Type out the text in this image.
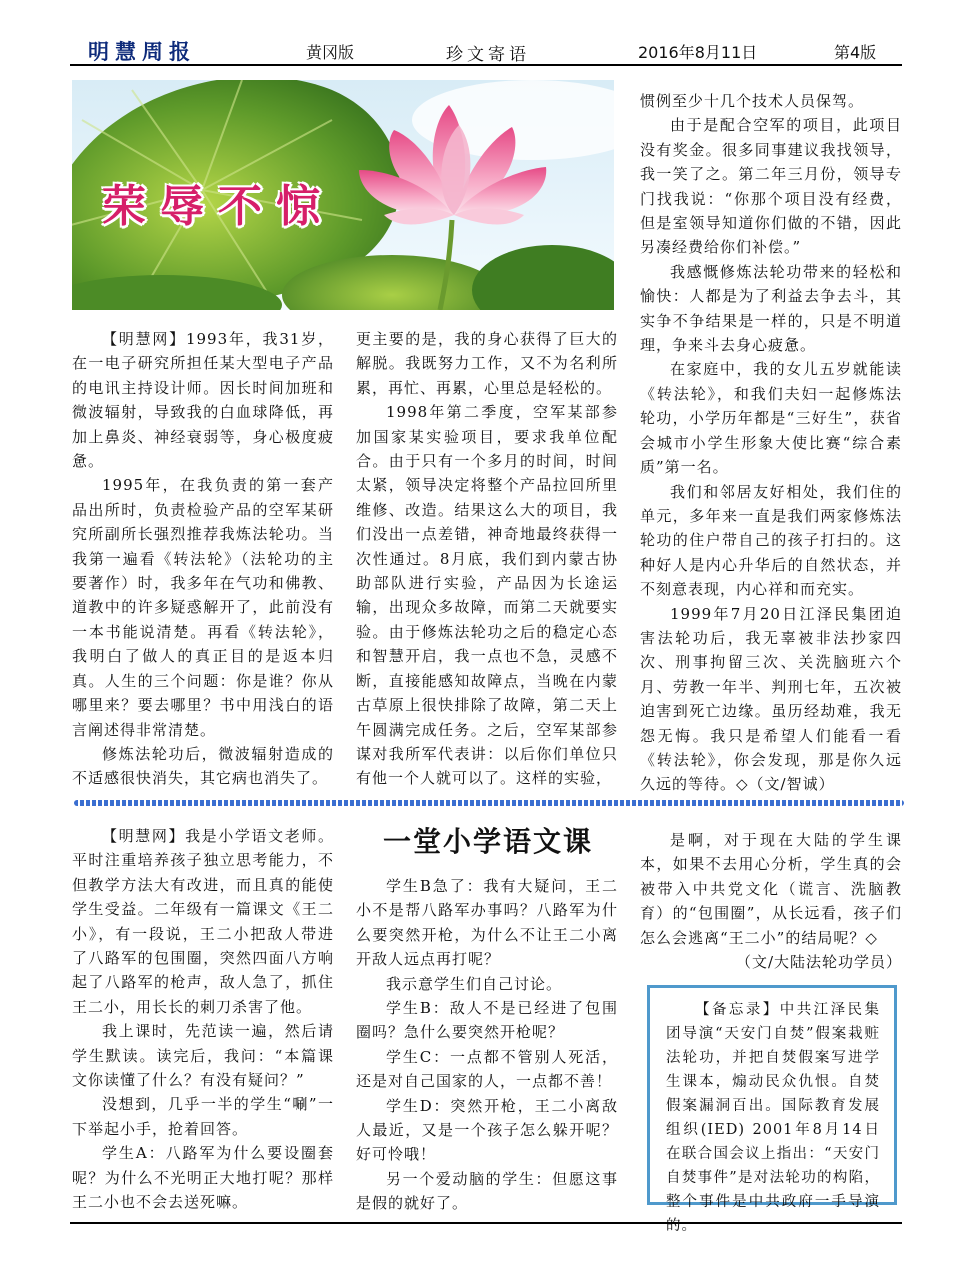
明慧周报	黄冈版	珍文寄语	2016年8月11日	第4版
荣辱不惊

【明慧网】1993年，我31岁，在一电子研究所担任某大型电子产品的电讯主持设计师。因长时间加班和微波辐射，导致我的白血球降低，再加上鼻炎、神经衰弱等，身心极度疲惫。

1995年，在我负责的第一套产品出所时，负责检验产品的空军某研究所副所长强烈推荐我炼法轮功。当我第一遍看《转法轮》（法轮功的主要著作）时，我多年在气功和佛教、道教中的许多疑惑解开了，此前没有一本书能说清楚。再看《转法轮》，我明白了做人的真正目的是返本归真。人生的三个问题：你是谁？你从哪里来？要去哪里？书中用浅白的语言阐述得非常清楚。

修炼法轮功后，微波辐射造成的不适感很快消失，其它病也消失了。

更主要的是，我的身心获得了巨大的解脱。我既努力工作，又不为名利所累，再忙、再累，心里总是轻松的。

1998年第二季度，空军某部参加国家某实验项目，要求我单位配合。由于只有一个多月的时间，时间太紧，领导决定将整个产品拉回所里维修、改造。结果这么大的项目，我们没出一点差错，神奇地最终获得一次性通过。8月底，我们到内蒙古协助部队进行实验，产品因为长途运输，出现众多故障，而第二天就要实验。由于修炼法轮功之后的稳定心态和智慧开启，我一点也不急，灵感不断，直接能感知故障点，当晚在内蒙古草原上很快排除了故障，第二天上午圆满完成任务。之后，空军某部参谋对我所军代表讲：以后你们单位只有他一个人就可以了。这样的实验，

惯例至少十几个技术人员保驾。

由于是配合空军的项目，此项目没有奖金。很多同事建议我找领导，我一笑了之。第二年三月份，领导专门找我说：“你那个项目没有经费，但是室领导知道你们做的不错，因此另凑经费给你们补偿。”

我感慨修炼法轮功带来的轻松和愉快：人都是为了利益去争去斗，其实争不争结果是一样的，只是不明道理，争来斗去身心疲惫。

在家庭中，我的女儿五岁就能读《转法轮》，和我们夫妇一起修炼法轮功，小学历年都是“三好生”，获省会城市小学生形象大使比赛“综合素质”第一名。

我们和邻居友好相处，我们住的单元，多年来一直是我们两家修炼法轮功的住户带自己的孩子打扫的。这种好人是内心升华后的自然状态，并不刻意表现，内心祥和而充实。

1999年7月20日江泽民集团迫害法轮功后，我无辜被非法抄家四次、刑事拘留三次、关洗脑班六个月、劳教一年半、判刑七年，五次被迫害到死亡边缘。虽历经劫难，我无怨无悔。我只是希望人们能看一看《转法轮》，你会发现，那是你久远久远的等待。◇（文/智诚）

一堂小学语文课

【明慧网】我是小学语文老师。平时注重培养孩子独立思考能力，不但教学方法大有改进，而且真的能使学生受益。二年级有一篇课文《王二小》，有一段说，王二小把敌人带进了八路军的包围圈，突然四面八方响起了八路军的枪声，敌人急了，抓住王二小，用长长的刺刀杀害了他。

我上课时，先范读一遍，然后请学生默读。读完后，我问：“本篇课文你读懂了什么？有没有疑问？”

没想到，几乎一半的学生“唰”一下举起小手，抢着回答。

学生A：八路军为什么要设圈套呢？为什么不光明正大地打呢？那样王二小也不会去送死嘛。

学生B急了：我有大疑问，王二小不是帮八路军办事吗？八路军为什么要突然开枪，为什么不让王二小离开敌人远点再打呢？

我示意学生们自己讨论。

学生B：敌人不是已经进了包围圈吗？急什么要突然开枪呢？

学生C：一点都不管别人死活，还是对自己国家的人，一点都不善！

学生D：突然开枪，王二小离敌人最近，又是一个孩子怎么躲开呢？好可怜哦！

另一个爱动脑的学生：但愿这事是假的就好了。

是啊，对于现在大陆的学生课本，如果不去用心分析，学生真的会被带入中共党文化（谎言、洗脑教育）的“包围圈”，从长远看，孩子们怎么会逃离“王二小”的结局呢？◇

（文/大陆法轮功学员）

【备忘录】中共江泽民集团导演“天安门自焚”假案栽赃法轮功，并把自焚假案写进学生课本，煽动民众仇恨。自焚假案漏洞百出。国际教育发展组织(IED) 2001年8月14日在联合国会议上指出：“天安门自焚事件”是对法轮功的构陷，整个事件是中共政府一手导演的。
